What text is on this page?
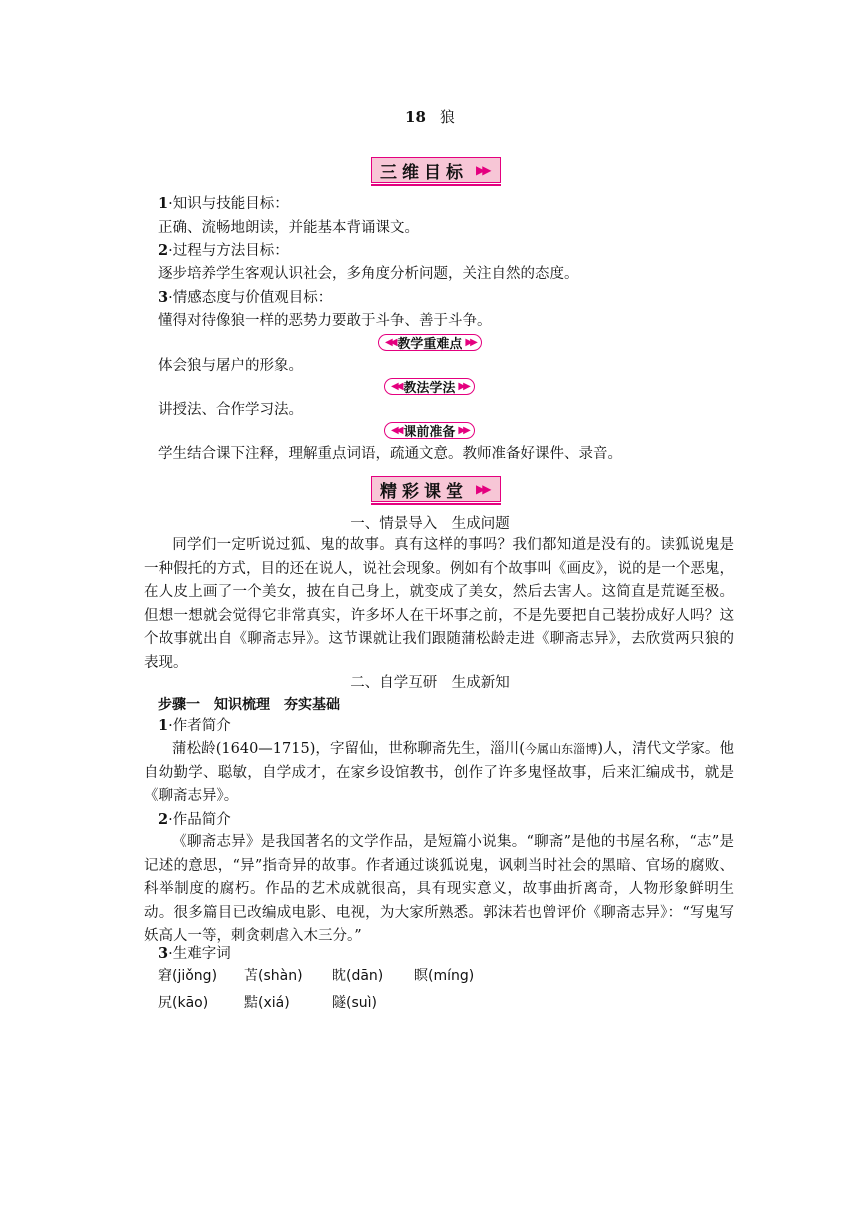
18 狼
三维目标 ▶▶
1·知识与技能目标：
正确、流畅地朗读，并能基本背诵课文。
2·过程与方法目标：
逐步培养学生客观认识社会，多角度分析问题，关注自然的态度。
3·情感态度与价值观目标：
懂得对待像狼一样的恶势力要敢于斗争、善于斗争。
◀◀ 教学重难点 ▶▶
体会狼与屠户的形象。
◀◀ 教法学法 ▶▶
讲授法、合作学习法。
◀◀ 课前准备 ▶▶
学生结合课下注释，理解重点词语，疏通文意。教师准备好课件、录音。
精彩课堂 ▶▶
一、情景导入　生成问题
同学们一定听说过狐、鬼的故事。真有这样的事吗？我们都知道是没有的。读狐说鬼是一种假托的方式，目的还在说人，说社会现象。例如有个故事叫《画皮》，说的是一个恶鬼，在人皮上画了一个美女，披在自己身上，就变成了美女，然后去害人。这简直是荒诞至极。但想一想就会觉得它非常真实，许多坏人在干坏事之前，不是先要把自己装扮成好人吗？这个故事就出自《聊斋志异》。这节课就让我们跟随蒲松龄走进《聊斋志异》，去欣赏两只狼的表现。
二、自学互研　生成新知
步骤一　知识梳理　夯实基础
1·作者简介
蒲松龄(1640—1715)，字留仙，世称聊斋先生，淄川(今属山东淄博)人，清代文学家。他自幼勤学、聪敏，自学成才，在家乡设馆教书，创作了许多鬼怪故事，后来汇编成书，就是《聊斋志异》。
2·作品简介
《聊斋志异》是我国著名的文学作品，是短篇小说集。“聊斋”是他的书屋名称，“志”是记述的意思，“异”指奇异的故事。作者通过谈狐说鬼，讽刺当时社会的黑暗、官场的腐败、科举制度的腐朽。作品的艺术成就很高，具有现实意义，故事曲折离奇，人物形象鲜明生动。很多篇目已改编成电影、电视，为大家所熟悉。郭沫若也曾评价《聊斋志异》：“写鬼写妖高人一等，刺贪刺虐入木三分。”
3·生难字词
窘(jiǒng) 苫(shàn) 眈(dān) 瞑(míng)
尻(kāo)	黠(xiá)	隧(suì)
